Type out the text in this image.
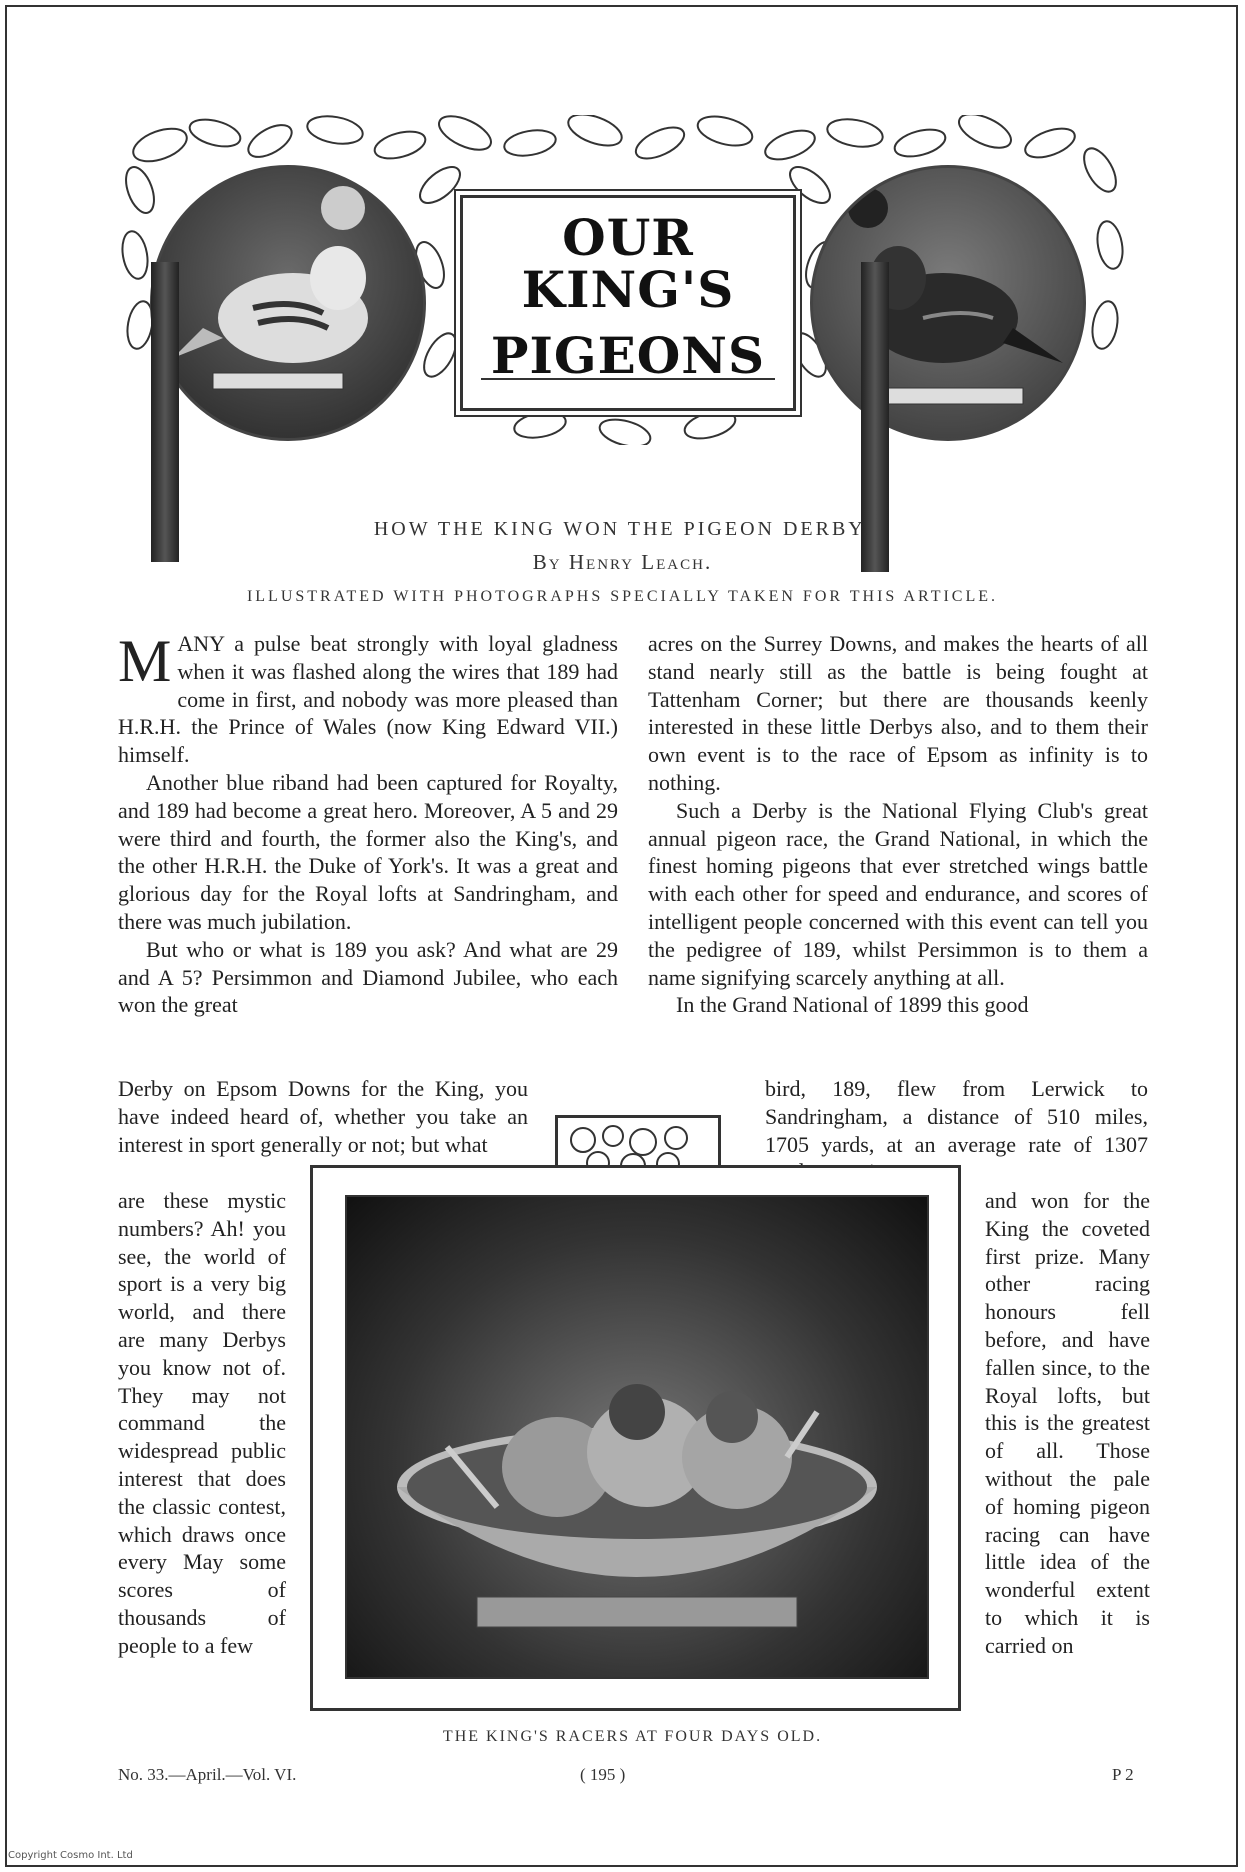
OUR KING'S
PIGEONS
HOW THE KING WON THE PIGEON DERBY.
By Henry Leach.
ILLUSTRATED WITH PHOTOGRAPHS SPECIALLY TAKEN FOR THIS ARTICLE.

MANY a pulse beat strongly with loyal gladness when it was flashed along the wires that 189 had come in first, and nobody was more pleased than H.R.H. the Prince of Wales (now King Edward VII.) himself.

Another blue riband had been captured for Royalty, and 189 had become a great hero. Moreover, A 5 and 29 were third and fourth, the former also the King's, and the other H.R.H. the Duke of York's. It was a great and glorious day for the Royal lofts at Sandringham, and there was much jubilation.

But who or what is 189 you ask? And what are 29 and A 5? Persimmon and Diamond Jubilee, who each won the great

Derby on Epsom Downs for the King, you have indeed heard of, whether you take an interest in sport generally or not; but what
are these mystic numbers? Ah! you see, the world of sport is a very big world, and there are many Derbys you know not of. They may not command the widespread public interest that does the classic contest, which draws once every May some scores of thousands of people to a few

acres on the Surrey Downs, and makes the hearts of all stand nearly still as the battle is being fought at Tattenham Corner; but there are thousands keenly interested in these little Derbys also, and to them their own event is to the race of Epsom as infinity is to nothing.

Such a Derby is the National Flying Club's great annual pigeon race, the Grand National, in which the finest homing pigeons that ever stretched wings battle with each other for speed and endurance, and scores of intelligent people concerned with this event can tell you the pedigree of 189, whilst Persimmon is to them a name signifying scarcely anything at all.

In the Grand National of 1899 this good

bird, 189, flew from Lerwick to Sandringham, a distance of 510 miles, 1705 yards, at an average rate of 1307
and won for the King the coveted first prize. Many other racing honours fell before, and have fallen since, to the Royal lofts, but this is the greatest of all. Those without the pale of homing pigeon racing can have little idea of the wonderful extent to which it is carried on
THE KING'S RACERS AT FOUR DAYS OLD.
No. 33.—April.—Vol. VI.	( 195 )	P 2
Copyright Cosmo Int. Ltd
